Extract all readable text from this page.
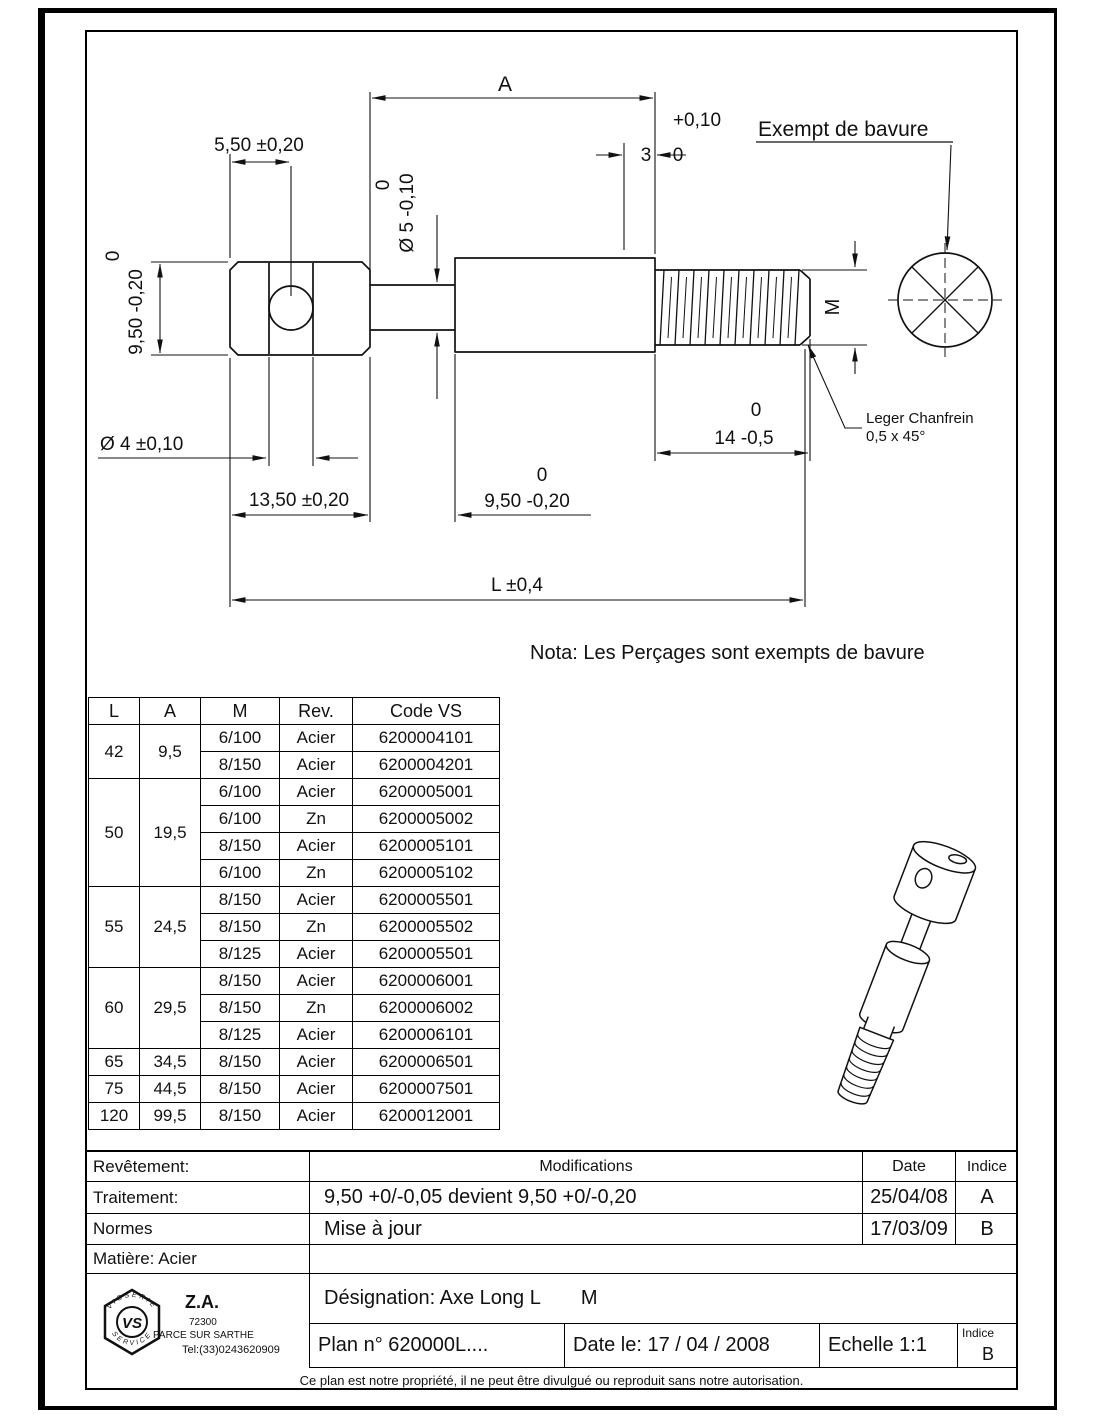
A
3
+0,10
0
5,50 ±0,20
0 Ø 5 -0,10
0
9,50 -0,20
Ø 4 ±0,10
13,50 ±0,20	9,50 -0,20
0
L ±0,4
14 -0,5
0
M
Exempt de bavure
Leger Chanfrein
0,5 x 45°
Nota: Les Perçages sont exempts de bavure
L	A	M	Rev.	Code VS
42	9,5	6/100	Acier	6200004101
		8/150	Acier	6200004201
50	19,5	6/100	Acier	6200005001
		6/100	Zn	6200005002
		8/150	Acier	6200005101
		6/100	Zn	6200005102
55	24,5	8/150	Acier	6200005501
		8/150	Zn	6200005502
		8/125	Acier	6200005501
60	29,5	8/150	Acier	6200006001
		8/150	Zn	6200006002
		8/125	Acier	6200006101
65	34,5	8/150	Acier	6200006501
75	44,5	8/150	Acier	6200007501
120	99,5	8/150	Acier	6200012001
Revêtement:
Traitement:
Normes
Matière: Acier
Modifications	Date	Indice
9,50 +0/-0,05 devient 9,50 +0/-0,20	25/04/08	A
Mise à jour	17/03/09	B
VS
VISSERIE
SERVICE
Z.A.
72300
PARCE SUR SARTHE
Tel:(33)0243620909
Désignation: Axe Long L M
Plan n° 620000L....	Date le: 17 / 04 / 2008	Echelle 1:1
Indice
B
Ce plan est notre propriété, il ne peut être divulgué ou reproduit sans notre autorisation.
